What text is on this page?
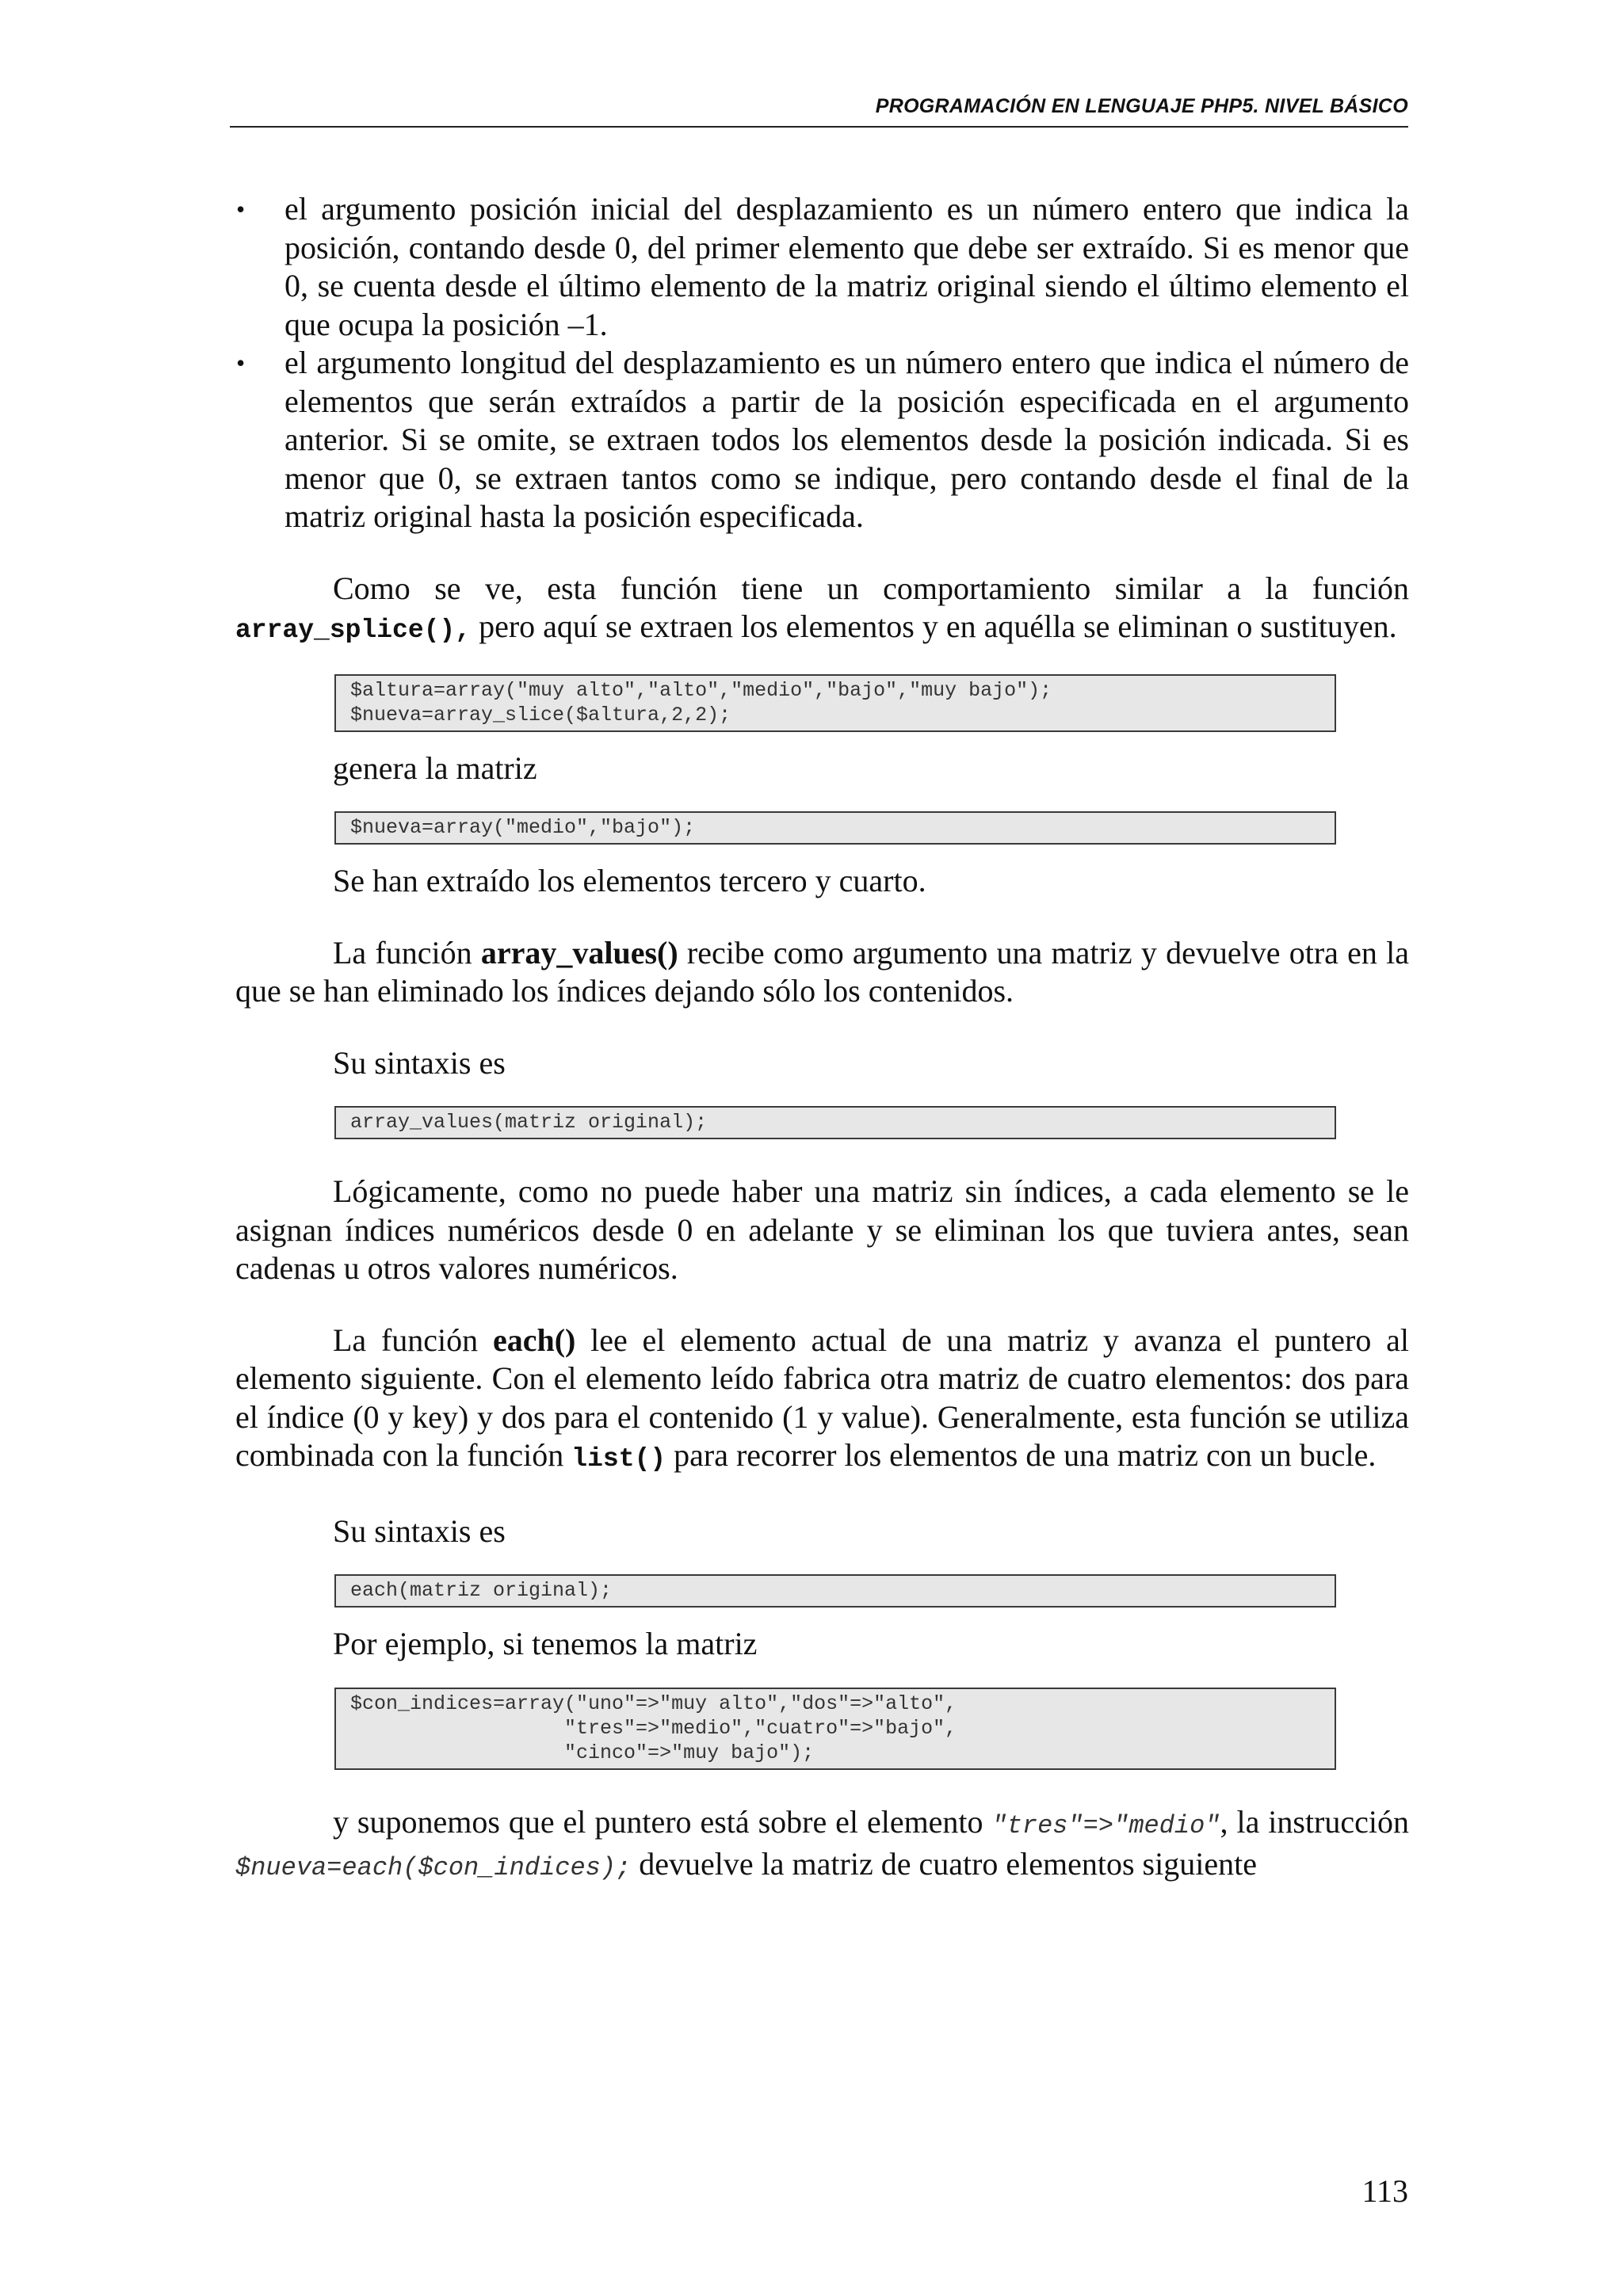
PROGRAMACIÓN EN LENGUAJE PHP5. NIVEL BÁSICO
• el argumento posición inicial del desplazamiento es un número entero que indica la posición, contando desde 0, del primer elemento que debe ser extraído. Si es menor que 0, se cuenta desde el último elemento de la matriz original siendo el último elemento el que ocupa la posición –1.
• el argumento longitud del desplazamiento es un número entero que indica el número de elementos que serán extraídos a partir de la posición especificada en el argumento anterior. Si se omite, se extraen todos los elementos desde la posición indicada. Si es menor que 0, se extraen tantos como se indique, pero contando desde el final de la matriz original hasta la posición especificada.

Como se ve, esta función tiene un comportamiento similar a la función array_splice(), pero aquí se extraen los elementos y en aquélla se eliminan o sustituyen.

$altura=array("muy alto","alto","medio","bajo","muy bajo");
$nueva=array_slice($altura,2,2);

genera la matriz

$nueva=array("medio","bajo");

Se han extraído los elementos tercero y cuarto.

La función array_values() recibe como argumento una matriz y devuelve otra en la que se han eliminado los índices dejando sólo los contenidos.

Su sintaxis es

array_values(matriz original);

Lógicamente, como no puede haber una matriz sin índices, a cada elemento se le asignan índices numéricos desde 0 en adelante y se eliminan los que tuviera antes, sean cadenas u otros valores numéricos.

La función each() lee el elemento actual de una matriz y avanza el puntero al elemento siguiente. Con el elemento leído fabrica otra matriz de cuatro elementos: dos para el índice (0 y key) y dos para el contenido (1 y value). Generalmente, esta función se utiliza combinada con la función list() para recorrer los elementos de una matriz con un bucle.

Su sintaxis es

each(matriz original);

Por ejemplo, si tenemos la matriz

$con_indices=array("uno"=>"muy alto","dos"=>"alto",
"tres"=>"medio","cuatro"=>"bajo",
"cinco"=>"muy bajo");

y suponemos que el puntero está sobre el elemento "tres"=>"medio", la instrucción $nueva=each($con_indices); devuelve la matriz de cuatro elementos siguiente

113
